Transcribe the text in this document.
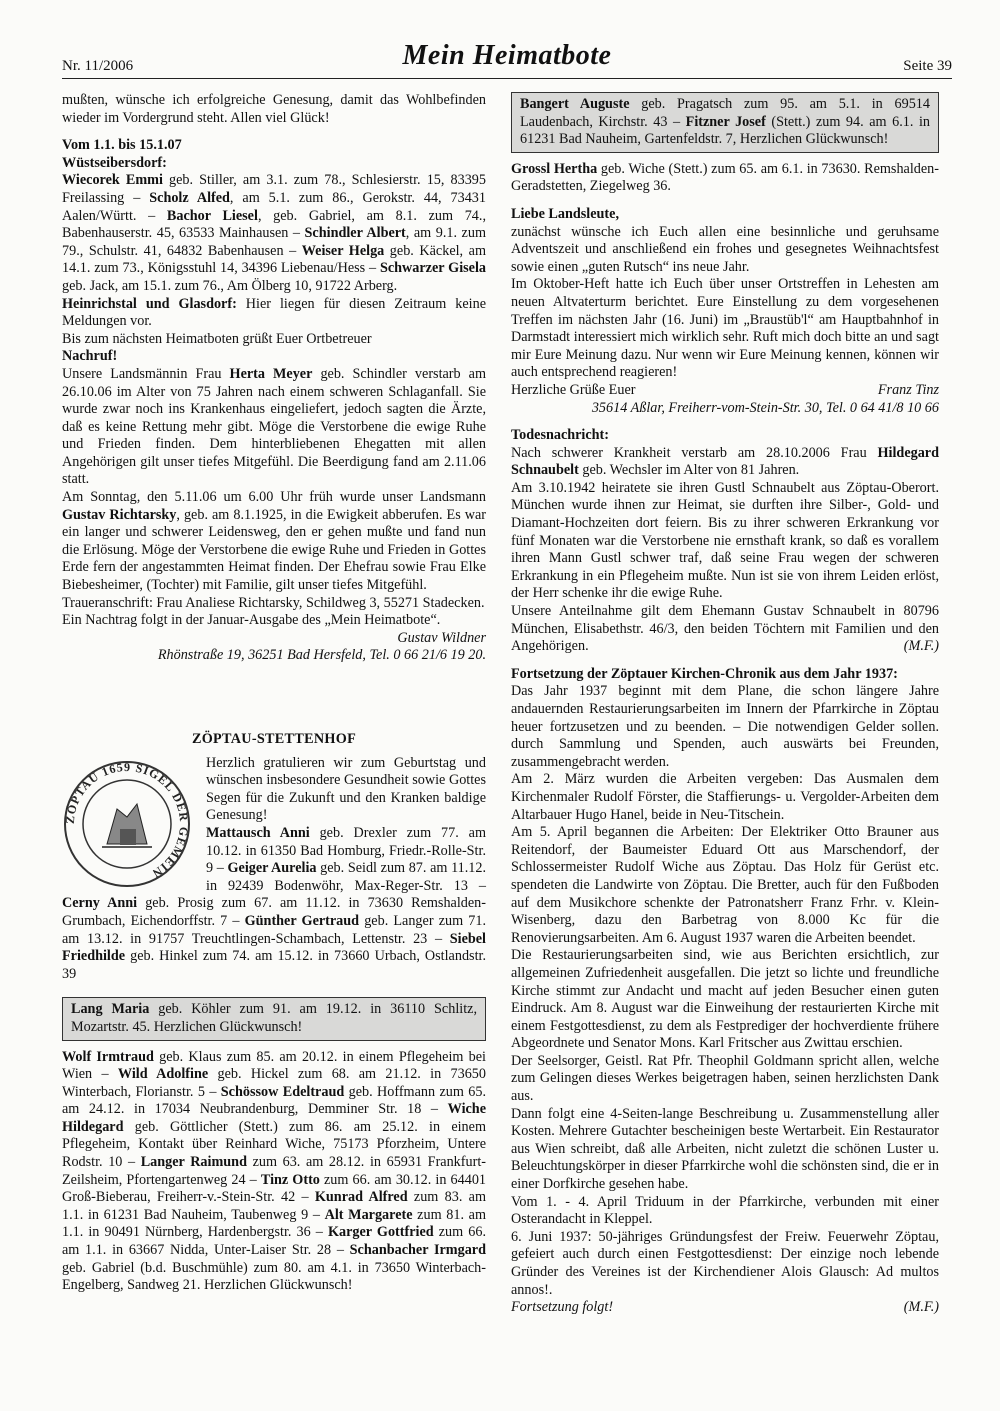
Nr. 11/2006	Mein Heimatbote	Seite 39

mußten, wünsche ich erfolgreiche Genesung, damit das Wohlbefinden wieder im Vordergrund steht. Allen viel Glück!

Vom 1.1. bis 15.1.07

Wüstseibersdorf:

Wiecorek Emmi geb. Stiller, am 3.1. zum 78., Schlesierstr. 15, 83395 Freilassing – Scholz Alfed, am 5.1. zum 86., Gerokstr. 44, 73431 Aalen/Württ. – Bachor Liesel, geb. Gabriel, am 8.1. zum 74., Babenhauserstr. 45, 63533 Mainhausen – Schindler Albert, am 9.1. zum 79., Schulstr. 41, 64832 Babenhausen – Weiser Helga geb. Käckel, am 14.1. zum 73., Königsstuhl 14, 34396 Liebenau/Hess – Schwarzer Gisela geb. Jack, am 15.1. zum 76., Am Ölberg 10, 91722 Arberg.

Heinrichstal und Glasdorf: Hier liegen für diesen Zeitraum keine Meldungen vor.

Bis zum nächsten Heimatboten grüßt Euer Ortbetreuer

Nachruf!

Unsere Landsmännin Frau Herta Meyer geb. Schindler verstarb am 26.10.06 im Alter von 75 Jahren nach einem schweren Schlaganfall. Sie wurde zwar noch ins Krankenhaus eingeliefert, jedoch sagten die Ärzte, daß es keine Rettung mehr gibt. Möge die Verstorbene die ewige Ruhe und Frieden finden. Dem hinterbliebenen Ehegatten mit allen Angehörigen gilt unser tiefes Mitgefühl. Die Beerdigung fand am 2.11.06 statt.

Am Sonntag, den 5.11.06 um 6.00 Uhr früh wurde unser Landsmann Gustav Richtarsky, geb. am 8.1.1925, in die Ewigkeit abberufen. Es war ein langer und schwerer Leidensweg, den er gehen mußte und fand nun die Erlösung. Möge der Verstorbene die ewige Ruhe und Frieden in Gottes Erde fern der angestammten Heimat finden. Der Ehefrau sowie Frau Elke Biebesheimer, (Tochter) mit Familie, gilt unser tiefes Mitgefühl.

Traueranschrift: Frau Analiese Richtarsky, Schildweg 3, 55271 Stadecken.

Ein Nachtrag folgt in der Januar-Ausgabe des „Mein Heimatbote“.

Gustav Wildner

Rhönstraße 19, 36251 Bad Hersfeld, Tel. 0 66 21/6 19 20.

ZÖPTAU-STETTENHOF

ZÖPTAU 1659 SIGEL DER GEMEIN

Herzlich gratulieren wir zum Geburtstag und wünschen insbesondere Gesundheit sowie Gottes Segen für die Zukunft und den Kranken baldige Genesung!

Mattausch Anni geb. Drexler zum 77. am 10.12. in 61350 Bad Homburg, Friedr.-Rolle-Str. 9 – Geiger Aurelia geb. Seidl zum 87. am 11.12. in 92439 Bodenwöhr, Max-Reger-Str. 13 – Cerny Anni geb. Prosig zum 67. am 11.12. in 73630 Remshalden-Grumbach, Eichendorffstr. 7 – Günther Gertraud geb. Langer zum 71. am 13.12. in 91757 Treuchtlingen-Schambach, Lettenstr. 23 – Siebel Friedhilde geb. Hinkel zum 74. am 15.12. in 73660 Urbach, Ostlandstr. 39

Lang Maria geb. Köhler zum 91. am 19.12. in 36110 Schlitz, Mozartstr. 45. Herzlichen Glückwunsch!

Wolf Irmtraud geb. Klaus zum 85. am 20.12. in einem Pflegeheim bei Wien – Wild Adolfine geb. Hickel zum 68. am 21.12. in 73650 Winterbach, Florianstr. 5 – Schössow Edeltraud geb. Hoffmann zum 65. am 24.12. in 17034 Neubrandenburg, Demminer Str. 18 – Wiche Hildegard geb. Göttlicher (Stett.) zum 86. am 25.12. in einem Pflegeheim, Kontakt über Reinhard Wiche, 75173 Pforzheim, Untere Rodstr. 10 – Langer Raimund zum 63. am 28.12. in 65931 Frankfurt-Zeilsheim, Pfortengartenweg 24 – Tinz Otto zum 66. am 30.12. in 64401 Groß-Bieberau, Freiherr-v.-Stein-Str. 42 – Kunrad Alfred zum 83. am 1.1. in 61231 Bad Nauheim, Taubenweg 9 – Alt Margarete zum 81. am 1.1. in 90491 Nürnberg, Hardenbergstr. 36 – Karger Gottfried zum 66. am 1.1. in 63667 Nidda, Unter-Laiser Str. 28 – Schanbacher Irmgard geb. Gabriel (b.d. Buschmühle) zum 80. am 4.1. in 73650 Winterbach-Engelberg, Sandweg 21. Herzlichen Glückwunsch!

Bangert Auguste geb. Pragatsch zum 95. am 5.1. in 69514 Laudenbach, Kirchstr. 43 – Fitzner Josef (Stett.) zum 94. am 6.1. in 61231 Bad Nauheim, Gartenfeldstr. 7, Herzlichen Glückwunsch!

Grossl Hertha geb. Wiche (Stett.) zum 65. am 6.1. in 73630. Remshalden-Geradstetten, Ziegelweg 36.

Liebe Landsleute,

zunächst wünsche ich Euch allen eine besinnliche und geruhsame Adventszeit und anschließend ein frohes und gesegnetes Weihnachtsfest sowie einen „guten Rutsch“ ins neue Jahr.

Im Oktober-Heft hatte ich Euch über unser Ortstreffen in Lehesten am neuen Altvaterturm berichtet. Eure Einstellung zu dem vorgesehenen Treffen im nächsten Jahr (16. Juni) im „Braustüb'l“ am Hauptbahnhof in Darmstadt interessiert mich wirklich sehr. Ruft mich doch bitte an und sagt mir Eure Meinung dazu. Nur wenn wir Eure Meinung kennen, können wir auch entsprechend reagieren!

Herzliche Grüße Euer	Franz Tinz

35614 Aßlar, Freiherr-vom-Stein-Str. 30, Tel. 0 64 41/8 10 66

Todesnachricht:

Nach schwerer Krankheit verstarb am 28.10.2006 Frau Hildegard Schnaubelt geb. Wechsler im Alter von 81 Jahren.

Am 3.10.1942 heiratete sie ihren Gustl Schnaubelt aus Zöptau-Oberort. München wurde ihnen zur Heimat, sie durften ihre Silber-, Gold- und Diamant-Hochzeiten dort feiern. Bis zu ihrer schweren Erkrankung vor fünf Monaten war die Verstorbene nie ernsthaft krank, so daß es vorallem ihren Mann Gustl schwer traf, daß seine Frau wegen der schweren Erkrankung in ein Pflegeheim mußte. Nun ist sie von ihrem Leiden erlöst, der Herr schenke ihr die ewige Ruhe.

Unsere Anteilnahme gilt dem Ehemann Gustav Schnaubelt in 80796 München, Elisabethstr. 46/3, den beiden Töchtern mit Familien und den Angehörigen.	(M.F.)

Fortsetzung der Zöptauer Kirchen-Chronik aus dem Jahr 1937:

Das Jahr 1937 beginnt mit dem Plane, die schon längere Jahre andauernden Restaurierungsarbeiten im Innern der Pfarrkirche in Zöptau heuer fortzusetzen und zu beenden. – Die notwendigen Gelder sollen. durch Sammlung und Spenden, auch auswärts bei Freunden, zusammengebracht werden.

Am 2. März wurden die Arbeiten vergeben: Das Ausmalen dem Kirchenmaler Rudolf Förster, die Staffierungs- u. Vergolder-Arbeiten dem Altarbauer Hugo Hanel, beide in Neu-Titschein.

Am 5. April begannen die Arbeiten: Der Elektriker Otto Brauner aus Reitendorf, der Baumeister Eduard Ott aus Marschendorf, der Schlossermeister Rudolf Wiche aus Zöptau. Das Holz für Gerüst etc. spendeten die Landwirte von Zöptau. Die Bretter, auch für den Fußboden auf dem Musikchore schenkte der Patronatsherr Franz Frhr. v. Klein-Wisenberg, dazu den Barbetrag von 8.000 Kc für die Renovierungsarbeiten. Am 6. August 1937 waren die Arbeiten beendet.

Die Restaurierungsarbeiten sind, wie aus Berichten ersichtlich, zur allgemeinen Zufriedenheit ausgefallen. Die jetzt so lichte und freundliche Kirche stimmt zur Andacht und macht auf jeden Besucher einen guten Eindruck. Am 8. August war die Einweihung der restaurierten Kirche mit einem Festgottesdienst, zu dem als Festprediger der hochverdiente frühere Abgeordnete und Senator Mons. Karl Fritscher aus Zwittau erschien.

Der Seelsorger, Geistl. Rat Pfr. Theophil Goldmann spricht allen, welche zum Gelingen dieses Werkes beigetragen haben, seinen herzlichsten Dank aus.

Dann folgt eine 4-Seiten-lange Beschreibung u. Zusammenstellung aller Kosten. Mehrere Gutachter bescheinigen beste Wertarbeit. Ein Restaurator aus Wien schreibt, daß alle Arbeiten, nicht zuletzt die schönen Luster u. Beleuchtungskörper in dieser Pfarrkirche wohl die schönsten sind, die er in einer Dorfkirche gesehen habe.

Vom 1. - 4. April Triduum in der Pfarrkirche, verbunden mit einer Osterandacht in Kleppel.

6. Juni 1937: 50-jähriges Gründungsfest der Freiw. Feuerwehr Zöptau, gefeiert auch durch einen Festgottesdienst: Der einzige noch lebende Gründer des Vereines ist der Kirchendiener Alois Glausch: Ad multos annos!.

Fortsetzung folgt!	(M.F.)
